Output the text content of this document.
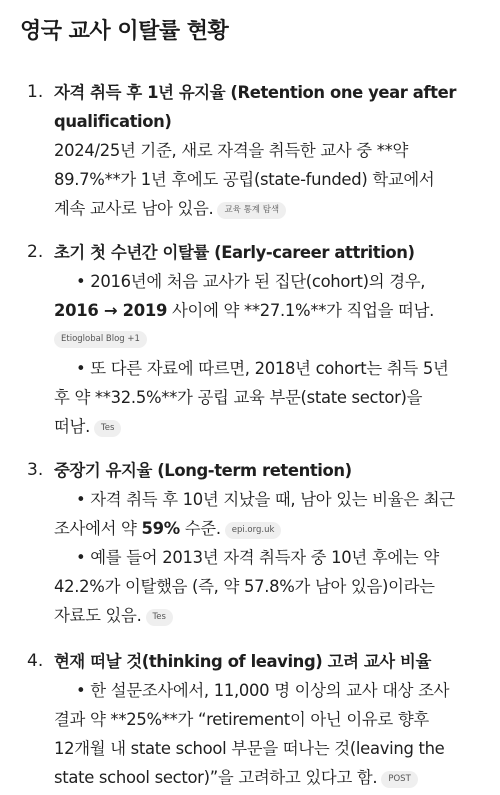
영국 교사 이탈률 현황
1. 자격 취득 후 1년 유지율 (Retention one year after
qualification)
2024/25년 기준, 새로 자격을 취득한 교사 중 **약
89.7%**가 1년 후에도 공립(state-funded) 학교에서
계속 교사로 남아 있음. 교육 통계 탐색
2. 초기 첫 수년간 이탈률 (Early-career attrition)
• 2016년에 처음 교사가 된 집단(cohort)의 경우,
2016 → 2019 사이에 약 **27.1%**가 직업을 떠남.
Etioglobal Blog +1
• 또 다른 자료에 따르면, 2018년 cohort는 취득 5년
후 약 **32.5%**가 공립 교육 부문(state sector)을
떠남. Tes
3. 중장기 유지율 (Long-term retention)
• 자격 취득 후 10년 지났을 때, 남아 있는 비율은 최근
조사에서 약 59% 수준. epi.org.uk
• 예를 들어 2013년 자격 취득자 중 10년 후에는 약
42.2%가 이탈했음 (즉, 약 57.8%가 남아 있음)이라는
자료도 있음. Tes
4. 현재 떠날 것(thinking of leaving) 고려 교사 비율
• 한 설문조사에서, 11,000 명 이상의 교사 대상 조사
결과 약 **25%**가 “retirement이 아닌 이유로 향후
12개월 내 state school 부문을 떠나는 것(leaving the
state school sector)”을 고려하고 있다고 함. POST
